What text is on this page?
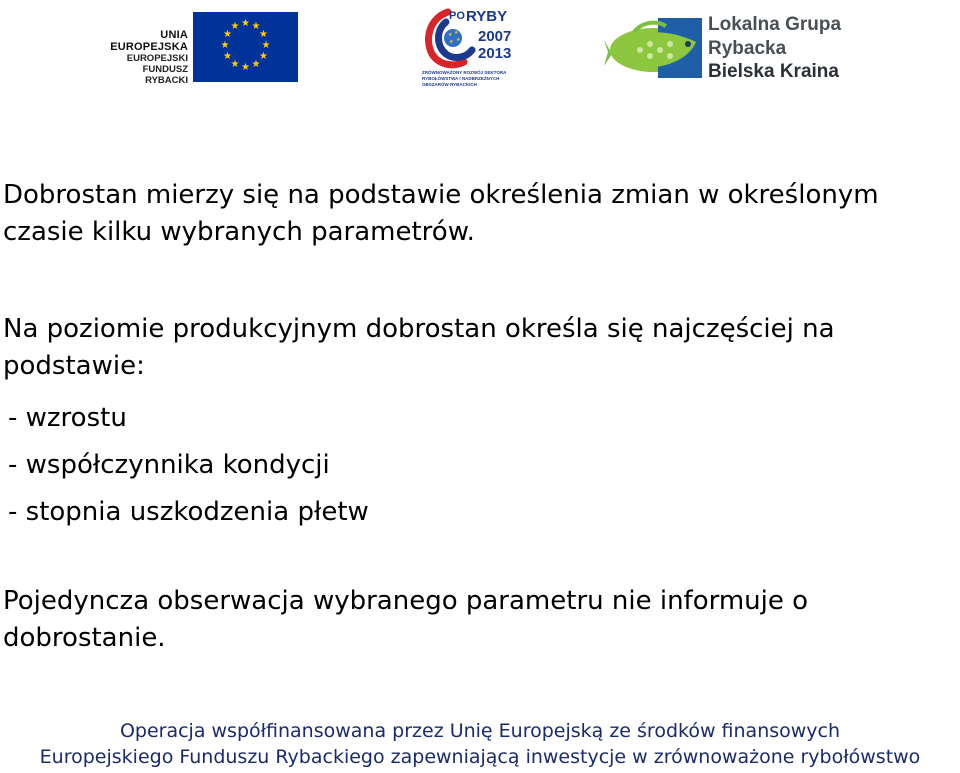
UNIA EUROPEJSKA
EUROPEJSKI FUNDUSZ
RYBACKI
★ ★
★
★
★
★
★
★
★
★
★
★
★ ★
★
★
PO RYBY
2007
2013
ZRÓWNOWAŻONY ROZWÓJ SEKTORA RYBOŁÓWSTWA I NADBRZEŻNYCH OBSZARÓW RYBACKICH
Lokalna Grupa
Rybacka
Bielska Kraina

Dobrostan mierzy się na podstawie określenia zmian w określonym czasie kilku wybranych parametrów.

Na poziomie produkcyjnym dobrostan określa się najczęściej na podstawie:

- wzrostu
- współczynnika kondycji
- stopnia uszkodzenia płetw

Pojedyncza obserwacja wybranego parametru nie informuje o dobrostanie.

Operacja współfinansowana przez Unię Europejską ze środków finansowych
Europejskiego Funduszu Rybackiego zapewniającą inwestycje w zrównoważone rybołówstwo
